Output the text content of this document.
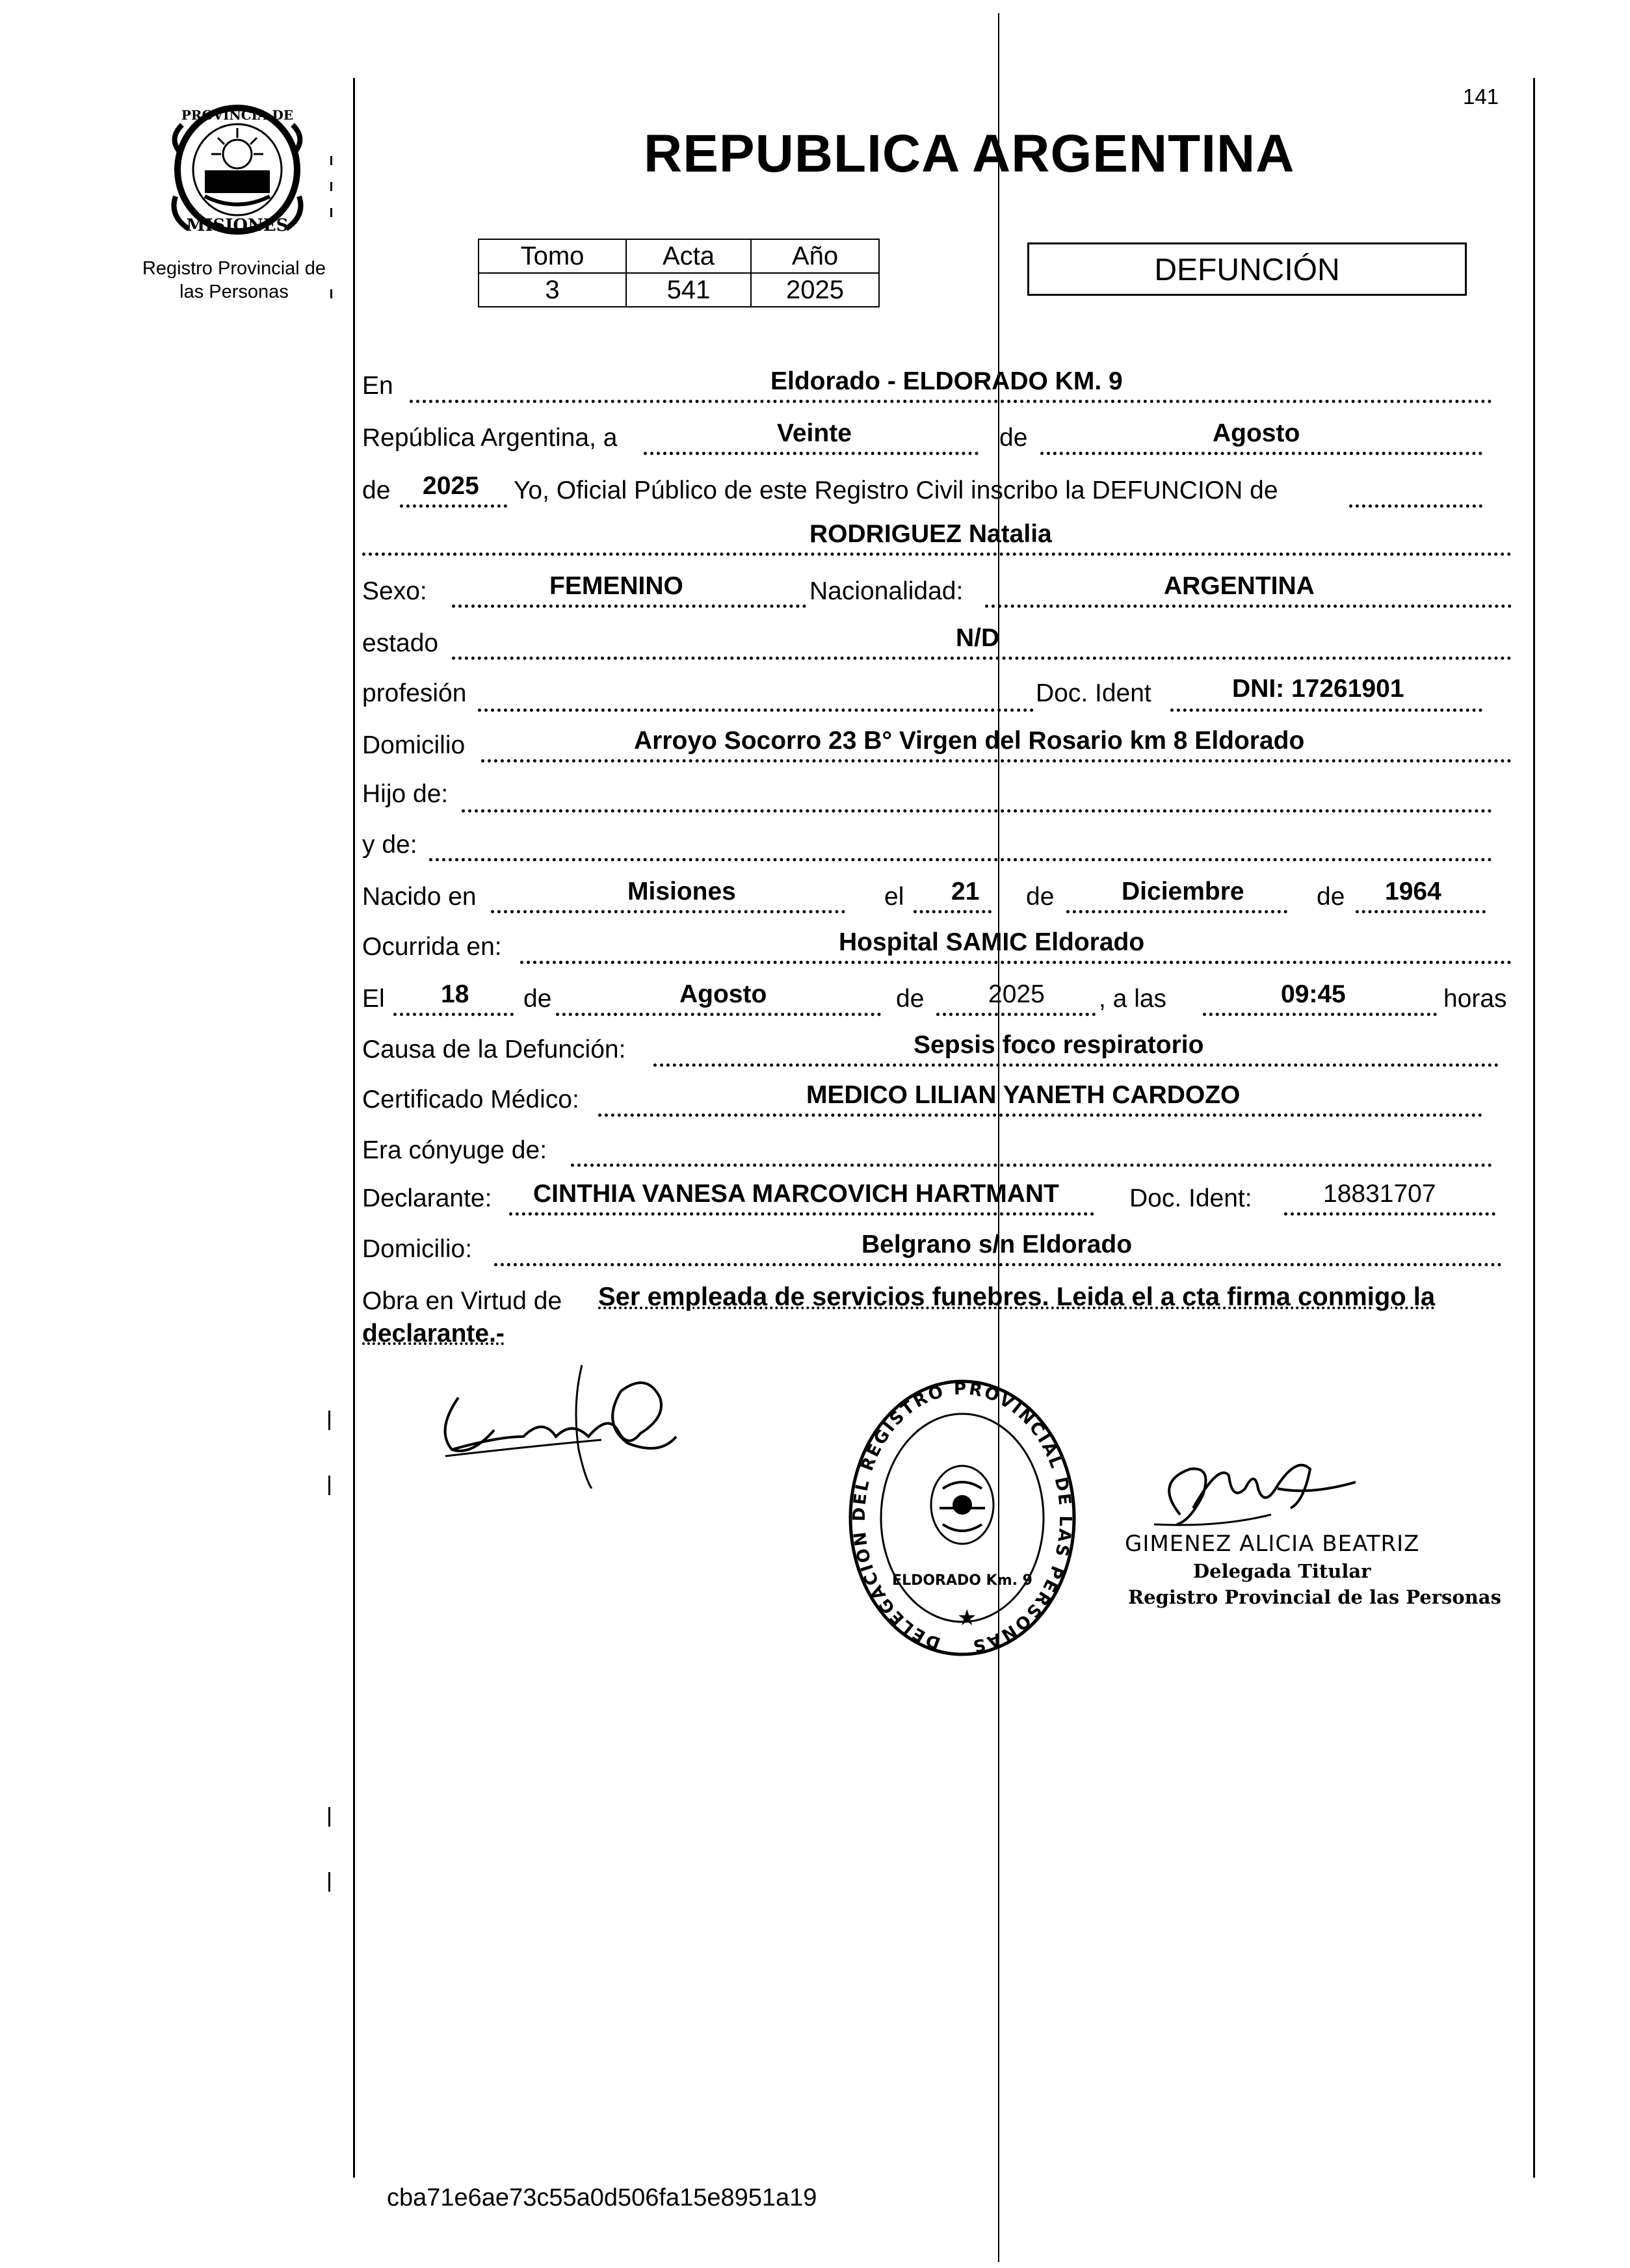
PROVINCIA DE
MISIONES
Registro Provincial de
las Personas
141
REPUBLICA ARGENTINA
Tomo	Acta	Año
3	541	2025
DEFUNCIÓN
En	Eldorado - ELDORADO KM. 9
República Argentina, a	Veinte	de	Agosto
de 2025 Yo, Oficial Público de este Registro Civil inscribo la DEFUNCION de
RODRIGUEZ Natalia
Sexo:	FEMENINO	Nacionalidad:	ARGENTINA
estado	N/D
profesión	Doc. Ident	DNI: 17261901
Domicilio	Arroyo Socorro 23 B° Virgen del Rosario km 8 Eldorado
Hijo de:
y de:
Nacido en	Misiones	el 21 de	Diciembre	de 1964
Ocurrida en:	Hospital SAMIC Eldorado
El 18 de	Agosto	de	2025 , a las	09:45	horas
Causa de la Defunción:	Sepsis foco respiratorio
Certificado Médico:	MEDICO LILIAN YANETH CARDOZO
Era cónyuge de:
Declarante: CINTHIA VANESA MARCOVICH HARTMANT	Doc. Ident:	18831707
Domicilio:	Belgrano s/n Eldorado
Obra en Virtud de Ser empleada de servicios funebres. Leida el a cta firma conmigo la
declarante.-
DELEGACION DEL REGISTRO PROVINCIAL DE LAS PERSONAS
ELDORADO Km. 9
★
GIMENEZ ALICIA BEATRIZ
Delegada Titular
Registro Provincial de las Personas
cba71e6ae73c55a0d506fa15e8951a19
